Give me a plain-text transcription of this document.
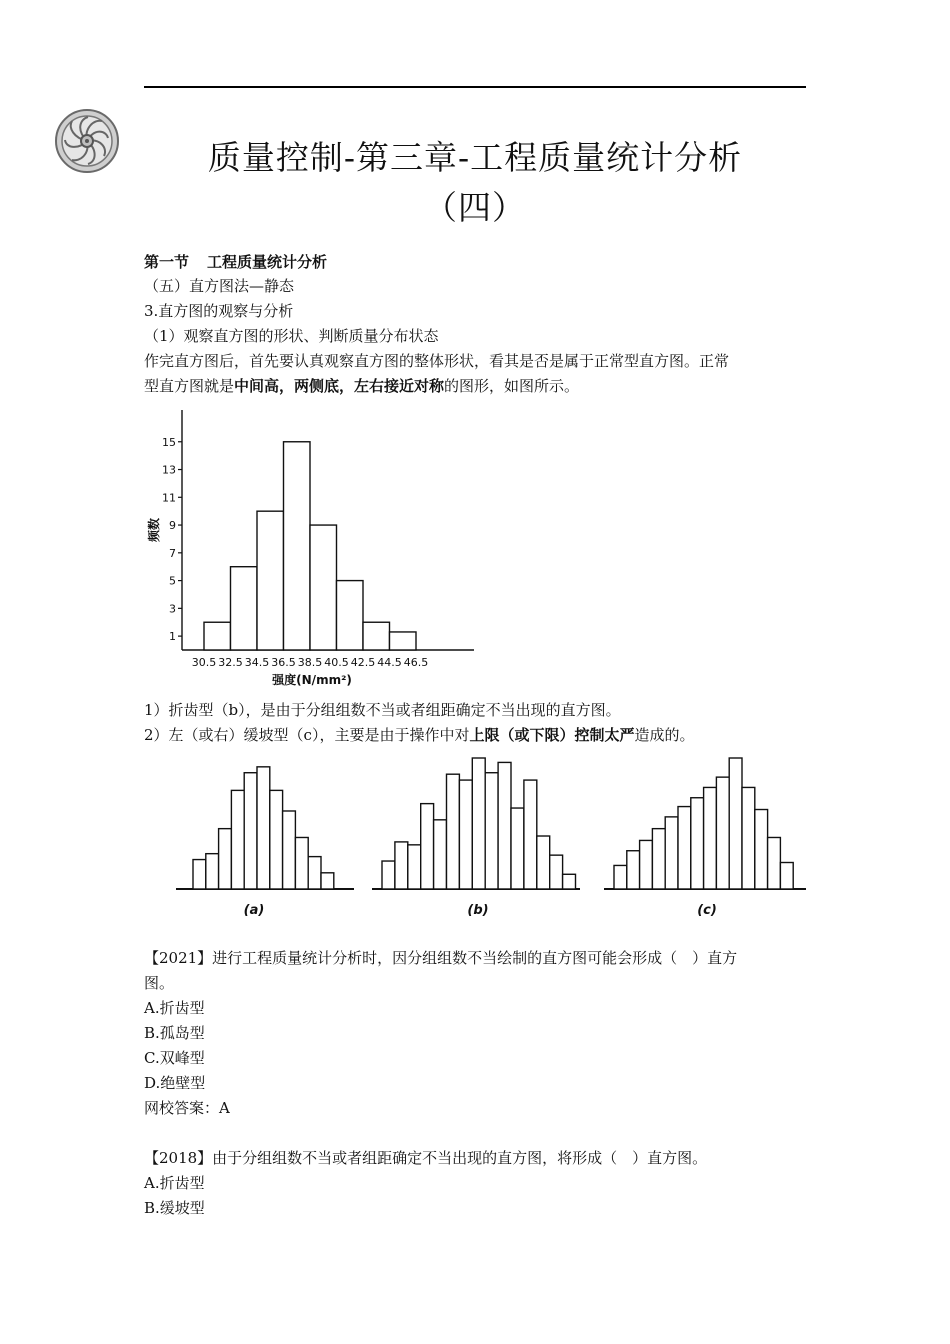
质量控制-第三章-工程质量统计分析
（四）
第一节 工程质量统计分析
（五）直方图法—静态
3.直方图的观察与分析
（1）观察直方图的形状、判断质量分布状态
作完直方图后，首先要认真观察直方图的整体形状，看其是否是属于正常型直方图。正常
型直方图就是中间高，两侧底，左右接近对称的图形，如图所示。
频数
强度(N/mm²)
1
3
5
7
9
11
13
15
30.5 32.5 34.5 36.5 38.5 40.5 42.5 44.5 46.5
1）折齿型（b），是由于分组组数不当或者组距确定不当出现的直方图。
2）左（或右）缓坡型（c），主要是由于操作中对上限（或下限）控制太严造成的。
(a)	(b)	(c)
【2021】进行工程质量统计分析时，因分组组数不当绘制的直方图可能会形成（　）直方
图。
A.折齿型
B.孤岛型
C.双峰型
D.绝壁型
网校答案：A
【2018】由于分组组数不当或者组距确定不当出现的直方图，将形成（　）直方图。
A.折齿型
B.缓坡型
